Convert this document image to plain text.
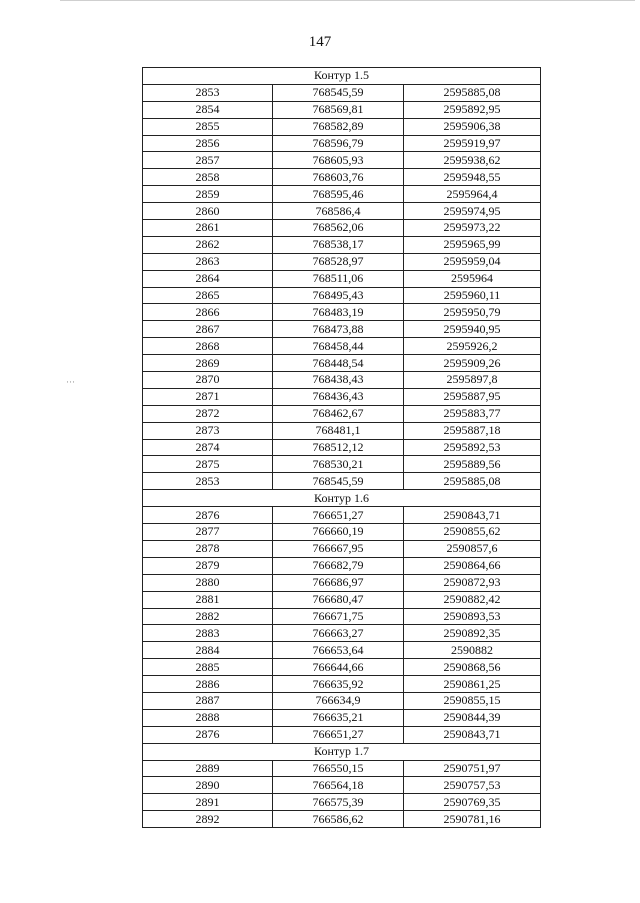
147
···
Контур 1.5		
2853	768545,59	2595885,08
2854	768569,81	2595892,95
2855	768582,89	2595906,38
2856	768596,79	2595919,97
2857	768605,93	2595938,62
2858	768603,76	2595948,55
2859	768595,46	2595964,4
2860	768586,4	2595974,95
2861	768562,06	2595973,22
2862	768538,17	2595965,99
2863	768528,97	2595959,04
2864	768511,06	2595964
2865	768495,43	2595960,11
2866	768483,19	2595950,79
2867	768473,88	2595940,95
2868	768458,44	2595926,2
2869	768448,54	2595909,26
2870	768438,43	2595897,8
2871	768436,43	2595887,95
2872	768462,67	2595883,77
2873	768481,1	2595887,18
2874	768512,12	2595892,53
2875	768530,21	2595889,56
2853	768545,59	2595885,08
Контур 1.6		
2876	766651,27	2590843,71
2877	766660,19	2590855,62
2878	766667,95	2590857,6
2879	766682,79	2590864,66
2880	766686,97	2590872,93
2881	766680,47	2590882,42
2882	766671,75	2590893,53
2883	766663,27	2590892,35
2884	766653,64	2590882
2885	766644,66	2590868,56
2886	766635,92	2590861,25
2887	766634,9	2590855,15
2888	766635,21	2590844,39
2876	766651,27	2590843,71
Контур 1.7		
2889	766550,15	2590751,97
2890	766564,18	2590757,53
2891	766575,39	2590769,35
2892	766586,62	2590781,16
